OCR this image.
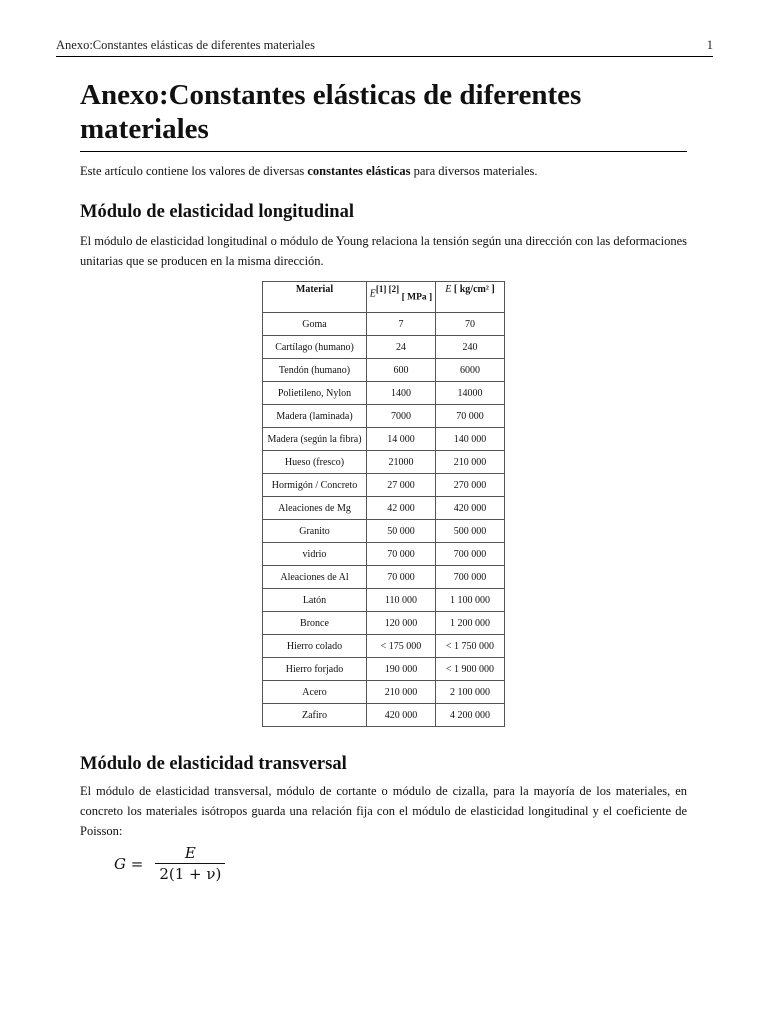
Anexo:Constantes elásticas de diferentes materiales	1
Anexo:Constantes elásticas de diferentes materiales

Este artículo contiene los valores de diversas constantes elásticas para diversos materiales.

Módulo de elasticidad longitudinal

El módulo de elasticidad longitudinal o módulo de Young relaciona la tensión según una dirección con las deformaciones unitarias que se producen en la misma dirección.

Material	E[1] [2] [ MPa ]	E [ kg/cm² ]
Goma	7	70
Cartílago (humano)	24	240
Tendón (humano)	600	6000
Polietileno, Nylon	1400	14000
Madera (laminada)	7000	70 000
Madera (según la fibra)	14 000	140 000
Hueso (fresco)	21000	210 000
Hormigón / Concreto	27 000	270 000
Aleaciones de Mg	42 000	420 000
Granito	50 000	500 000
vidrio	70 000	700 000
Aleaciones de Al	70 000	700 000
Latón	110 000	1 100 000
Bronce	120 000	1 200 000
Hierro colado	< 175 000	< 1 750 000
Hierro forjado	190 000	< 1 900 000
Acero	210 000	2 100 000
Zafiro	420 000	4 200 000
Módulo de elasticidad transversal

El módulo de elasticidad transversal, módulo de cortante o módulo de cizalla, para la mayoría de los materiales, en concreto los materiales isótropos guarda una relación fija con el módulo de elasticidad longitudinal y el coeficiente de Poisson:

$G = \frac{E}{2(1 + \nu)}$
